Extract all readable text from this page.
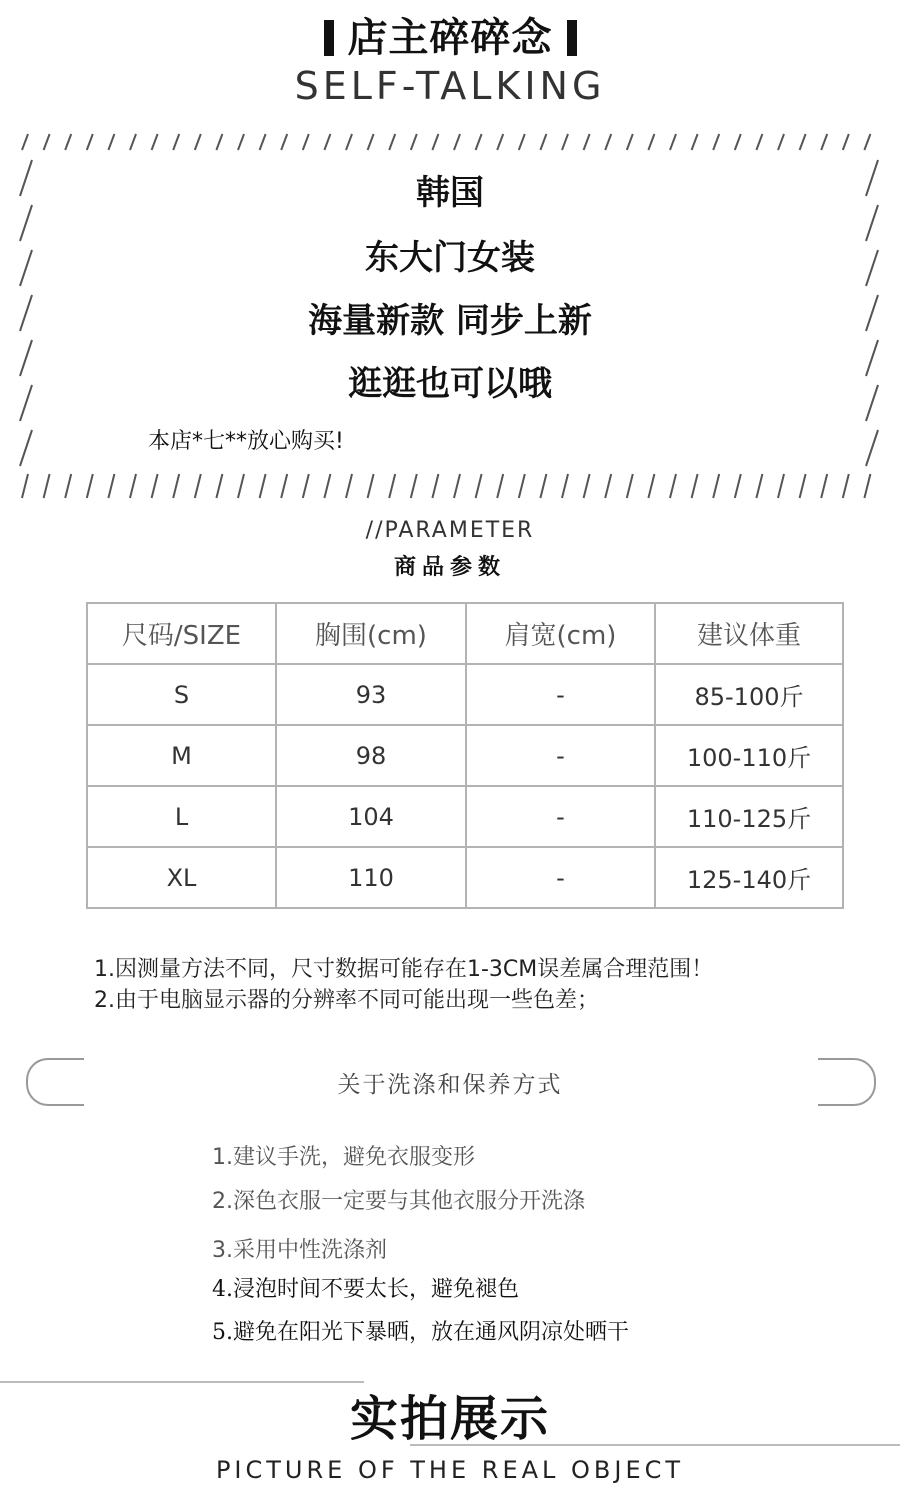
店主碎碎念
SELF-TALKING
韩国
东大门女装
海量新款 同步上新
逛逛也可以哦
本店*七**放心购买!
//PARAMETER
商品参数
尺码/SIZE	胸围(cm)	肩宽(cm)	建议体重
S	93	-	85-100斤
M	98	-	100-110斤
L	104	-	110-125斤
XL	110	-	125-140斤
1.因测量方法不同，尺寸数据可能存在1-3CM误差属合理范围！
2.由于电脑显示器的分辨率不同可能出现一些色差；
关于洗涤和保养方式
1.建议手洗，避免衣服变形
2.深色衣服一定要与其他衣服分开洗涤
3.采用中性洗涤剂
4.浸泡时间不要太长，避免褪色
5.避免在阳光下暴晒，放在通风阴凉处晒干
实拍展示
PICTURE OF THE REAL OBJECT
